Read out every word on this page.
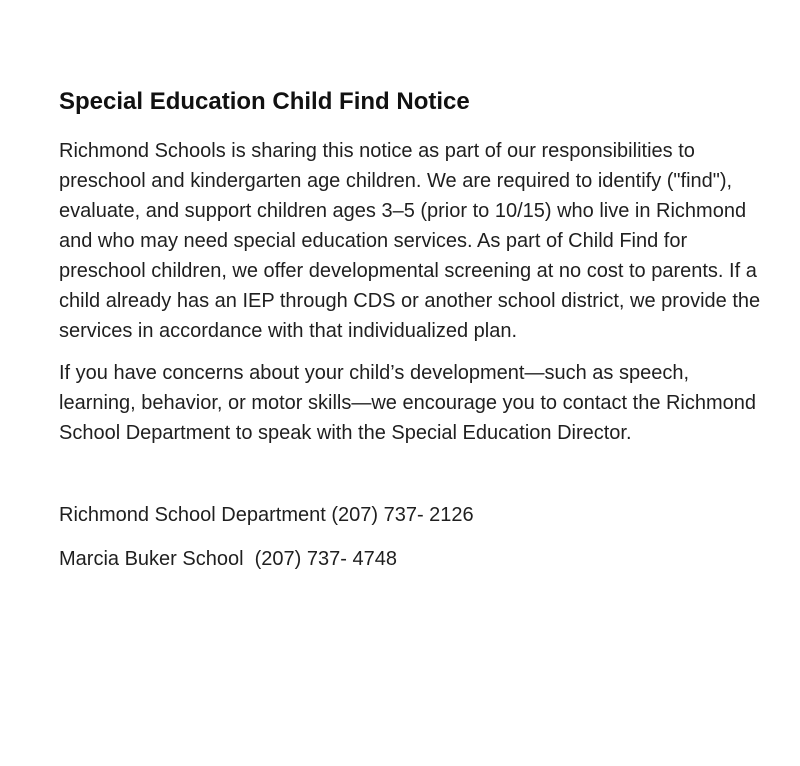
Special Education Child Find Notice

Richmond Schools is sharing this notice as part of our responsibilities to preschool and kindergarten age children. We are required to identify ("find"), evaluate, and support children ages 3–5 (prior to 10/15) who live in Richmond and who may need special education services. As part of Child Find for preschool children, we offer developmental screening at no cost to parents. If a child already has an IEP through CDS or another school district, we provide the services in accordance with that individualized plan.

If you have concerns about your child’s development—such as speech, learning, behavior, or motor skills—we encourage you to contact the Richmond School Department to speak with the Special Education Director.

Richmond School Department (207) 737- 2126

Marcia Buker School  (207) 737- 4748
